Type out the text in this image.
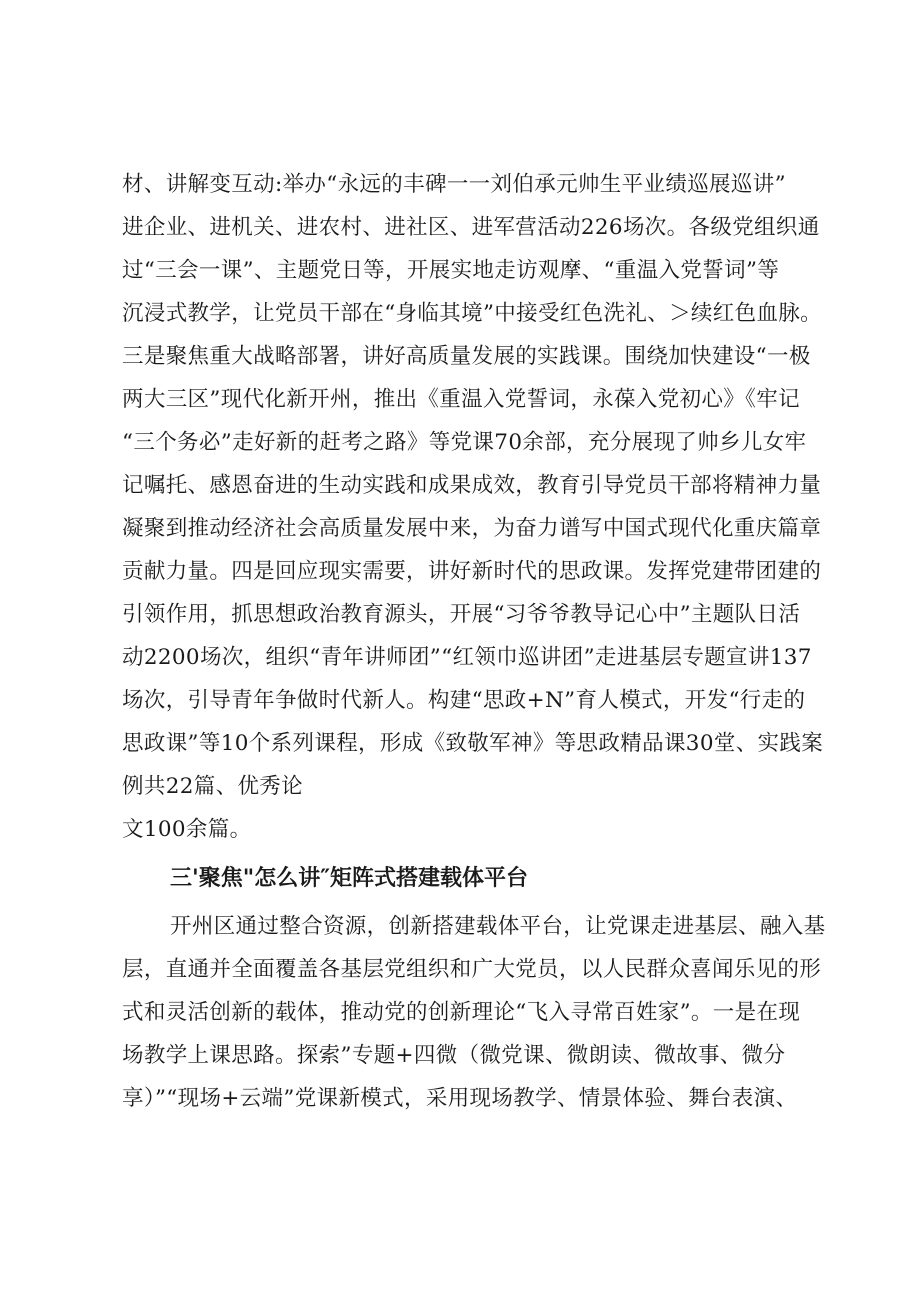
材、讲解变互动:举办“永远的丰碑一一刘伯承元帅生平业绩巡展巡讲”
进企业、进机关、进农村、进社区、进军营活动226场次。各级党组织通
过“三会一课”、主题党日等，开展实地走访观摩、“重温入党誓词”等
沉浸式教学，让党员干部在“身临其境”中接受红色洗礼、＞续红色血脉。
三是聚焦重大战略部署，讲好高质量发展的实践课。围绕加快建设“一极
两大三区”现代化新开州，推出《重温入党誓词，永葆入党初心》《牢记
“三个务必”走好新的赶考之路》等党课70余部，充分展现了帅乡儿女牢
记嘱托、感恩奋进的生动实践和成果成效，教育引导党员干部将精神力量
凝聚到推动经济社会高质量发展中来，为奋力谱写中国式现代化重庆篇章
贡献力量。四是回应现实需要，讲好新时代的思政课。发挥党建带团建的
引领作用，抓思想政治教育源头，开展“习爷爷教导记心中”主题队日活
动2200场次，组织“青年讲师团”“红领巾巡讲团”走进基层专题宣讲137
场次，引导青年争做时代新人。构建“思政+N”育人模式，开发“行走的
思政课”等10个系列课程，形成《致敬军神》等思政精品课30堂、实践案
例共22篇、优秀论
文100余篇。
三'聚焦"怎么讲″矩阵式搭建载体平台
开州区通过整合资源，创新搭建载体平台，让党课走进基层、融入基
层，直通并全面覆盖各基层党组织和广大党员，以人民群众喜闻乐见的形
式和灵活创新的载体，推动党的创新理论“飞入寻常百姓家”。一是在现
场教学上课思路。探索”专题+四微（微党课、微朗读、微故事、微分
享）”“现场+云端”党课新模式，采用现场教学、情景体验、舞台表演、
